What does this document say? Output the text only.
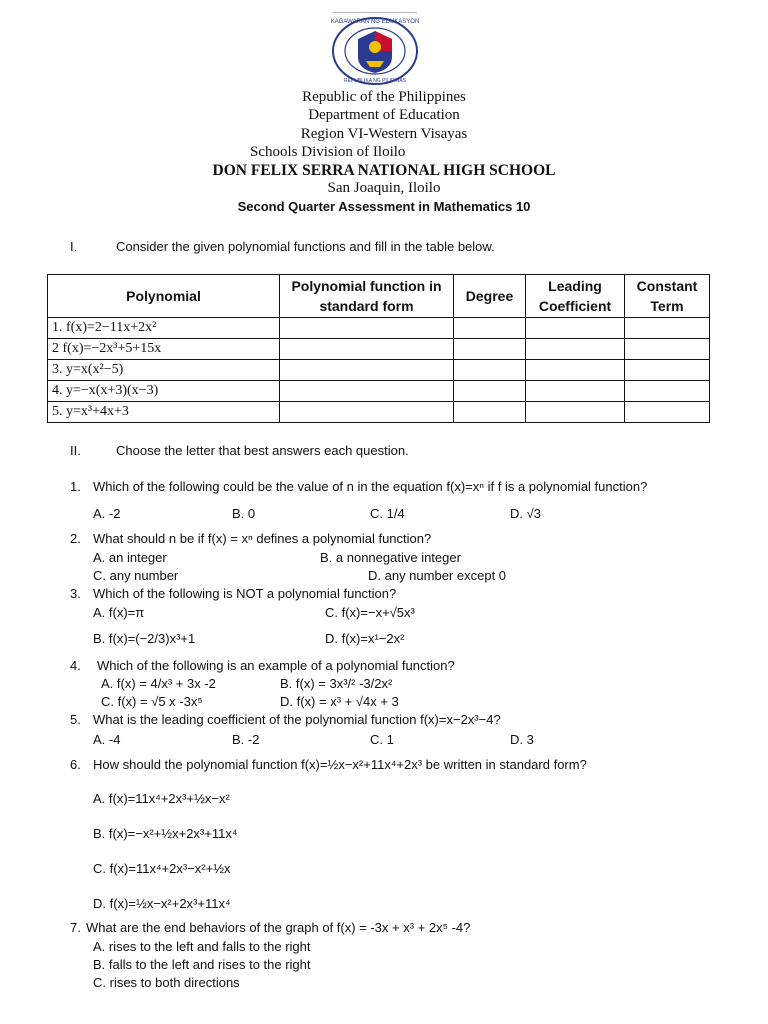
KAGAWARAN NG EDUKASYON
REPUBLIKA NG PILIPINAS
Republic of the Philippines
Department of Education
Region VI-Western Visayas
Schools Division of Iloilo
DON FELIX SERRA NATIONAL HIGH SCHOOL
San Joaquin, Iloilo
Second Quarter Assessment in Mathematics 10
I.	Consider the given polynomial functions and fill in the table below.
Polynomial	Polynomial function in standard form	Degree	Leading Coefficient	Constant Term
1. f(x)=2−11x+2x²				
2 f(x)=−2x³+5+15x				
3. y=x(x²−5)				
4. y=−x(x+3)(x−3)				
5. y=x³+4x+3				
II.	Choose the letter that best answers each question.
1. Which of the following could be the value of n in the equation f(x)=xⁿ if f is a polynomial function?
A. -2	B. 0	C. 1/4	D. √3
2. What should n be if f(x) = xⁿ defines a polynomial function?
A. an integer	B. a nonnegative integer
C. any number	D. any number except 0
3. Which of the following is NOT a polynomial function?
A. f(x)=π	C. f(x)=−x+√5x³
B. f(x)=(−2/3)x³+1	D. f(x)=x¹−2x²
4. Which of the following is an example of a polynomial function?
A. f(x) = 4/x³ + 3x -2	B. f(x) = 3x³/² -3/2x²
C. f(x) = √5 x -3x⁵	D. f(x) = x³ + √4x + 3
5. What is the leading coefficient of the polynomial function f(x)=x−2x³−4?
A. -4	B. -2	C. 1	D. 3
6. How should the polynomial function f(x)=½x−x²+11x⁴+2x³ be written in standard form?
A. f(x)=11x⁴+2x³+½x−x²
B. f(x)=−x²+½x+2x³+11x⁴
C. f(x)=11x⁴+2x³−x²+½x
D. f(x)=½x−x²+2x³+11x⁴
7. What are the end behaviors of the graph of f(x) = -3x + x³ + 2x⁵ -4?
A. rises to the left and falls to the right
B. falls to the left and rises to the right
C. rises to both directions
